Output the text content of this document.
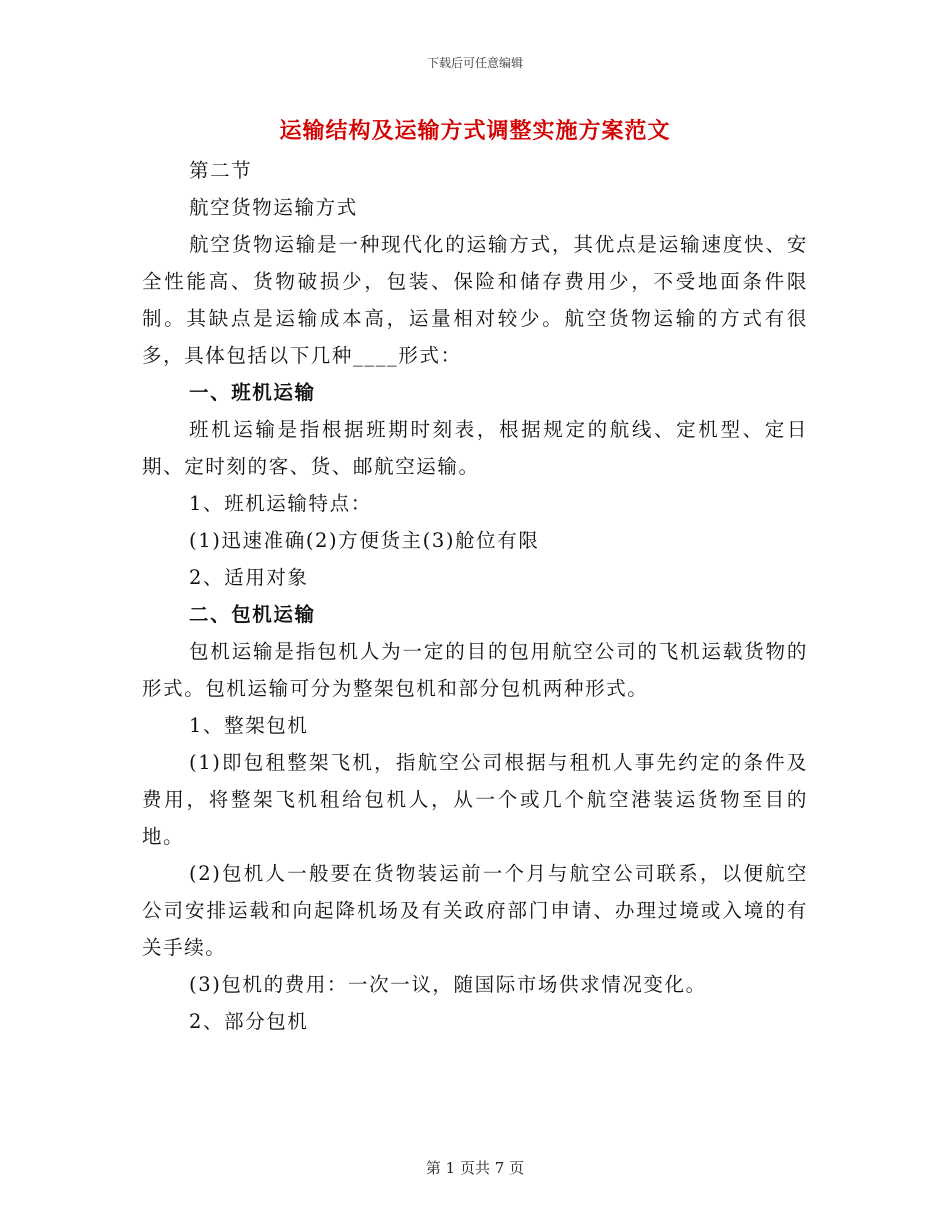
下载后可任意编辑
运输结构及运输方式调整实施方案范文

第二节

航空货物运输方式

航空货物运输是一种现代化的运输方式，其优点是运输速度快、安全性能高、货物破损少，包装、保险和储存费用少，不受地面条件限制。其缺点是运输成本高，运量相对较少。航空货物运输的方式有很多，具体包括以下几种____形式：

一、班机运输

班机运输是指根据班期时刻表，根据规定的航线、定机型、定日期、定时刻的客、货、邮航空运输。

1、班机运输特点：

(1)迅速准确(2)方便货主(3)舱位有限

2、适用对象

二、包机运输

包机运输是指包机人为一定的目的包用航空公司的飞机运载货物的形式。包机运输可分为整架包机和部分包机两种形式。

1、整架包机

(1)即包租整架飞机，指航空公司根据与租机人事先约定的条件及费用，将整架飞机租给包机人，从一个或几个航空港装运货物至目的地。

(2)包机人一般要在货物装运前一个月与航空公司联系，以便航空公司安排运载和向起降机场及有关政府部门申请、办理过境或入境的有关手续。

(3)包机的费用：一次一议，随国际市场供求情况变化。

2、部分包机

第 1 页共 7 页
